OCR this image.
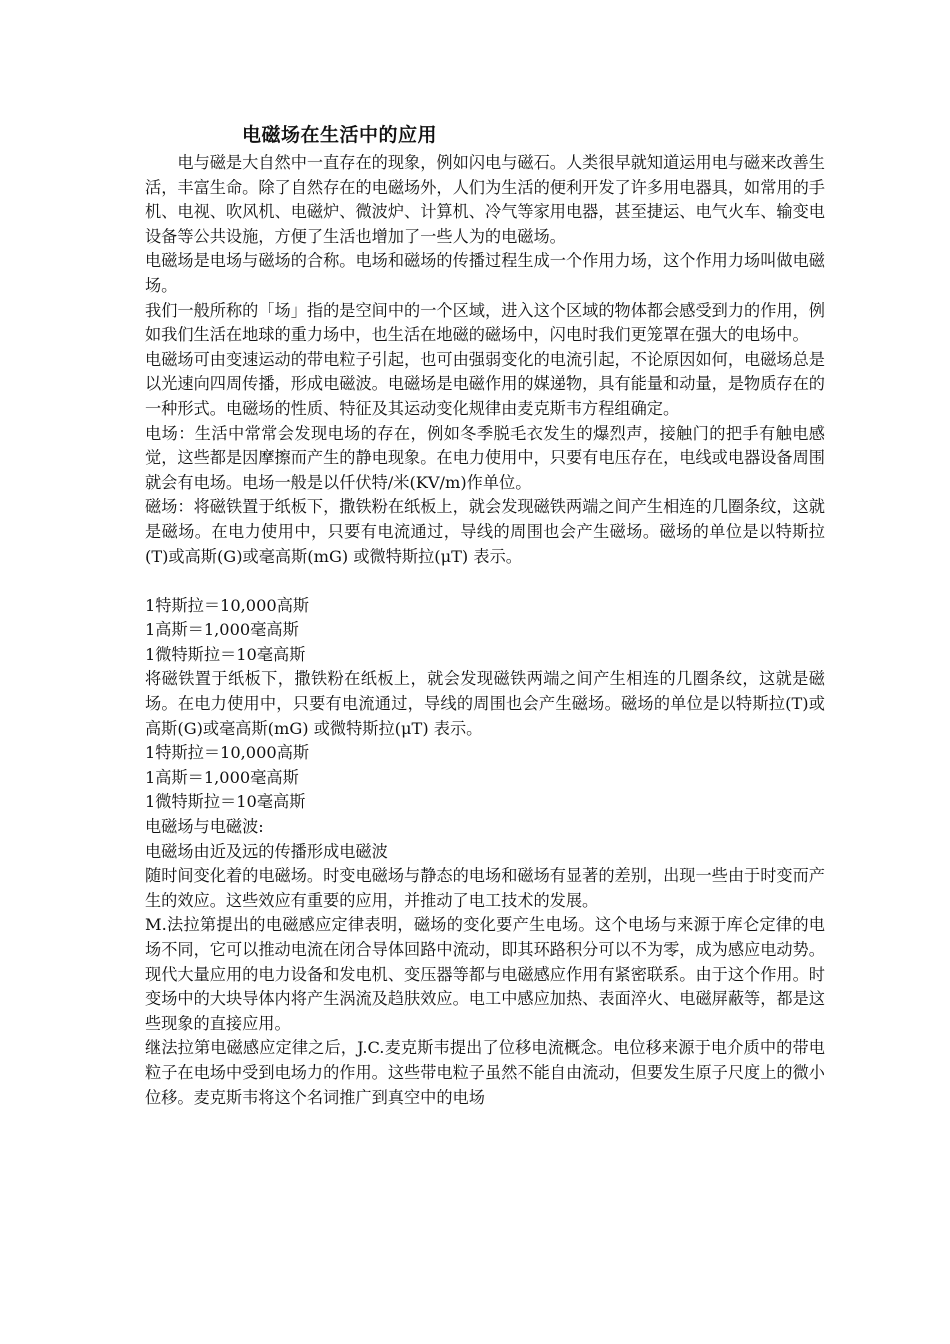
电磁场在生活中的应用

电与磁是大自然中一直存在的现象，例如闪电与磁石。人类很早就知道运用电与磁来改善生活，丰富生命。除了自然存在的电磁场外，人们为生活的便利开发了许多用电器具，如常用的手机、电视、吹风机、电磁炉、微波炉、计算机、冷气等家用电器，甚至捷运、电气火车、输变电设备等公共设施，方便了生活也增加了一些人为的电磁场。

电磁场是电场与磁场的合称。电场和磁场的传播过程生成一个作用力场，这个作用力场叫做电磁场。

我们一般所称的「场」指的是空间中的一个区域，进入这个区域的物体都会感受到力的作用，例如我们生活在地球的重力场中，也生活在地磁的磁场中，闪电时我们更笼罩在强大的电场中。

电磁场可由变速运动的带电粒子引起，也可由强弱变化的电流引起，不论原因如何，电磁场总是以光速向四周传播，形成电磁波。电磁场是电磁作用的媒递物，具有能量和动量，是物质存在的一种形式。电磁场的性质、特征及其运动变化规律由麦克斯韦方程组确定。

电场：生活中常常会发现电场的存在，例如冬季脱毛衣发生的爆烈声，接触门的把手有触电感觉，这些都是因摩擦而产生的静电现象。在电力使用中，只要有电压存在，电线或电器设备周围就会有电场。电场一般是以仟伏特/米(KV/m)作单位。

磁场：将磁铁置于纸板下，撒铁粉在纸板上，就会发现磁铁两端之间产生相连的几圈条纹，这就是磁场。在电力使用中，只要有电流通过，导线的周围也会产生磁场。磁场的单位是以特斯拉(T)或高斯(G)或毫高斯(mG) 或微特斯拉(μT) 表示。

1特斯拉＝10,000高斯

1高斯＝1,000毫高斯

1微特斯拉＝10毫高斯

将磁铁置于纸板下，撒铁粉在纸板上，就会发现磁铁两端之间产生相连的几圈条纹，这就是磁场。在电力使用中，只要有电流通过，导线的周围也会产生磁场。磁场的单位是以特斯拉(T)或高斯(G)或毫高斯(mG) 或微特斯拉(μT) 表示。

1特斯拉＝10,000高斯

1高斯＝1,000毫高斯

1微特斯拉＝10毫高斯

电磁场与电磁波:

电磁场由近及远的传播形成电磁波

随时间变化着的电磁场。时变电磁场与静态的电场和磁场有显著的差别，出现一些由于时变而产生的效应。这些效应有重要的应用，并推动了电工技术的发展。

M.法拉第提出的电磁感应定律表明，磁场的变化要产生电场。这个电场与来源于库仑定律的电场不同，它可以推动电流在闭合导体回路中流动，即其环路积分可以不为零，成为感应电动势。现代大量应用的电力设备和发电机、变压器等都与电磁感应作用有紧密联系。由于这个作用。时变场中的大块导体内将产生涡流及趋肤效应。电工中感应加热、表面淬火、电磁屏蔽等，都是这些现象的直接应用。

继法拉第电磁感应定律之后，J.C.麦克斯韦提出了位移电流概念。电位移来源于电介质中的带电粒子在电场中受到电场力的作用。这些带电粒子虽然不能自由流动，但要发生原子尺度上的微小位移。麦克斯韦将这个名词推广到真空中的电场
